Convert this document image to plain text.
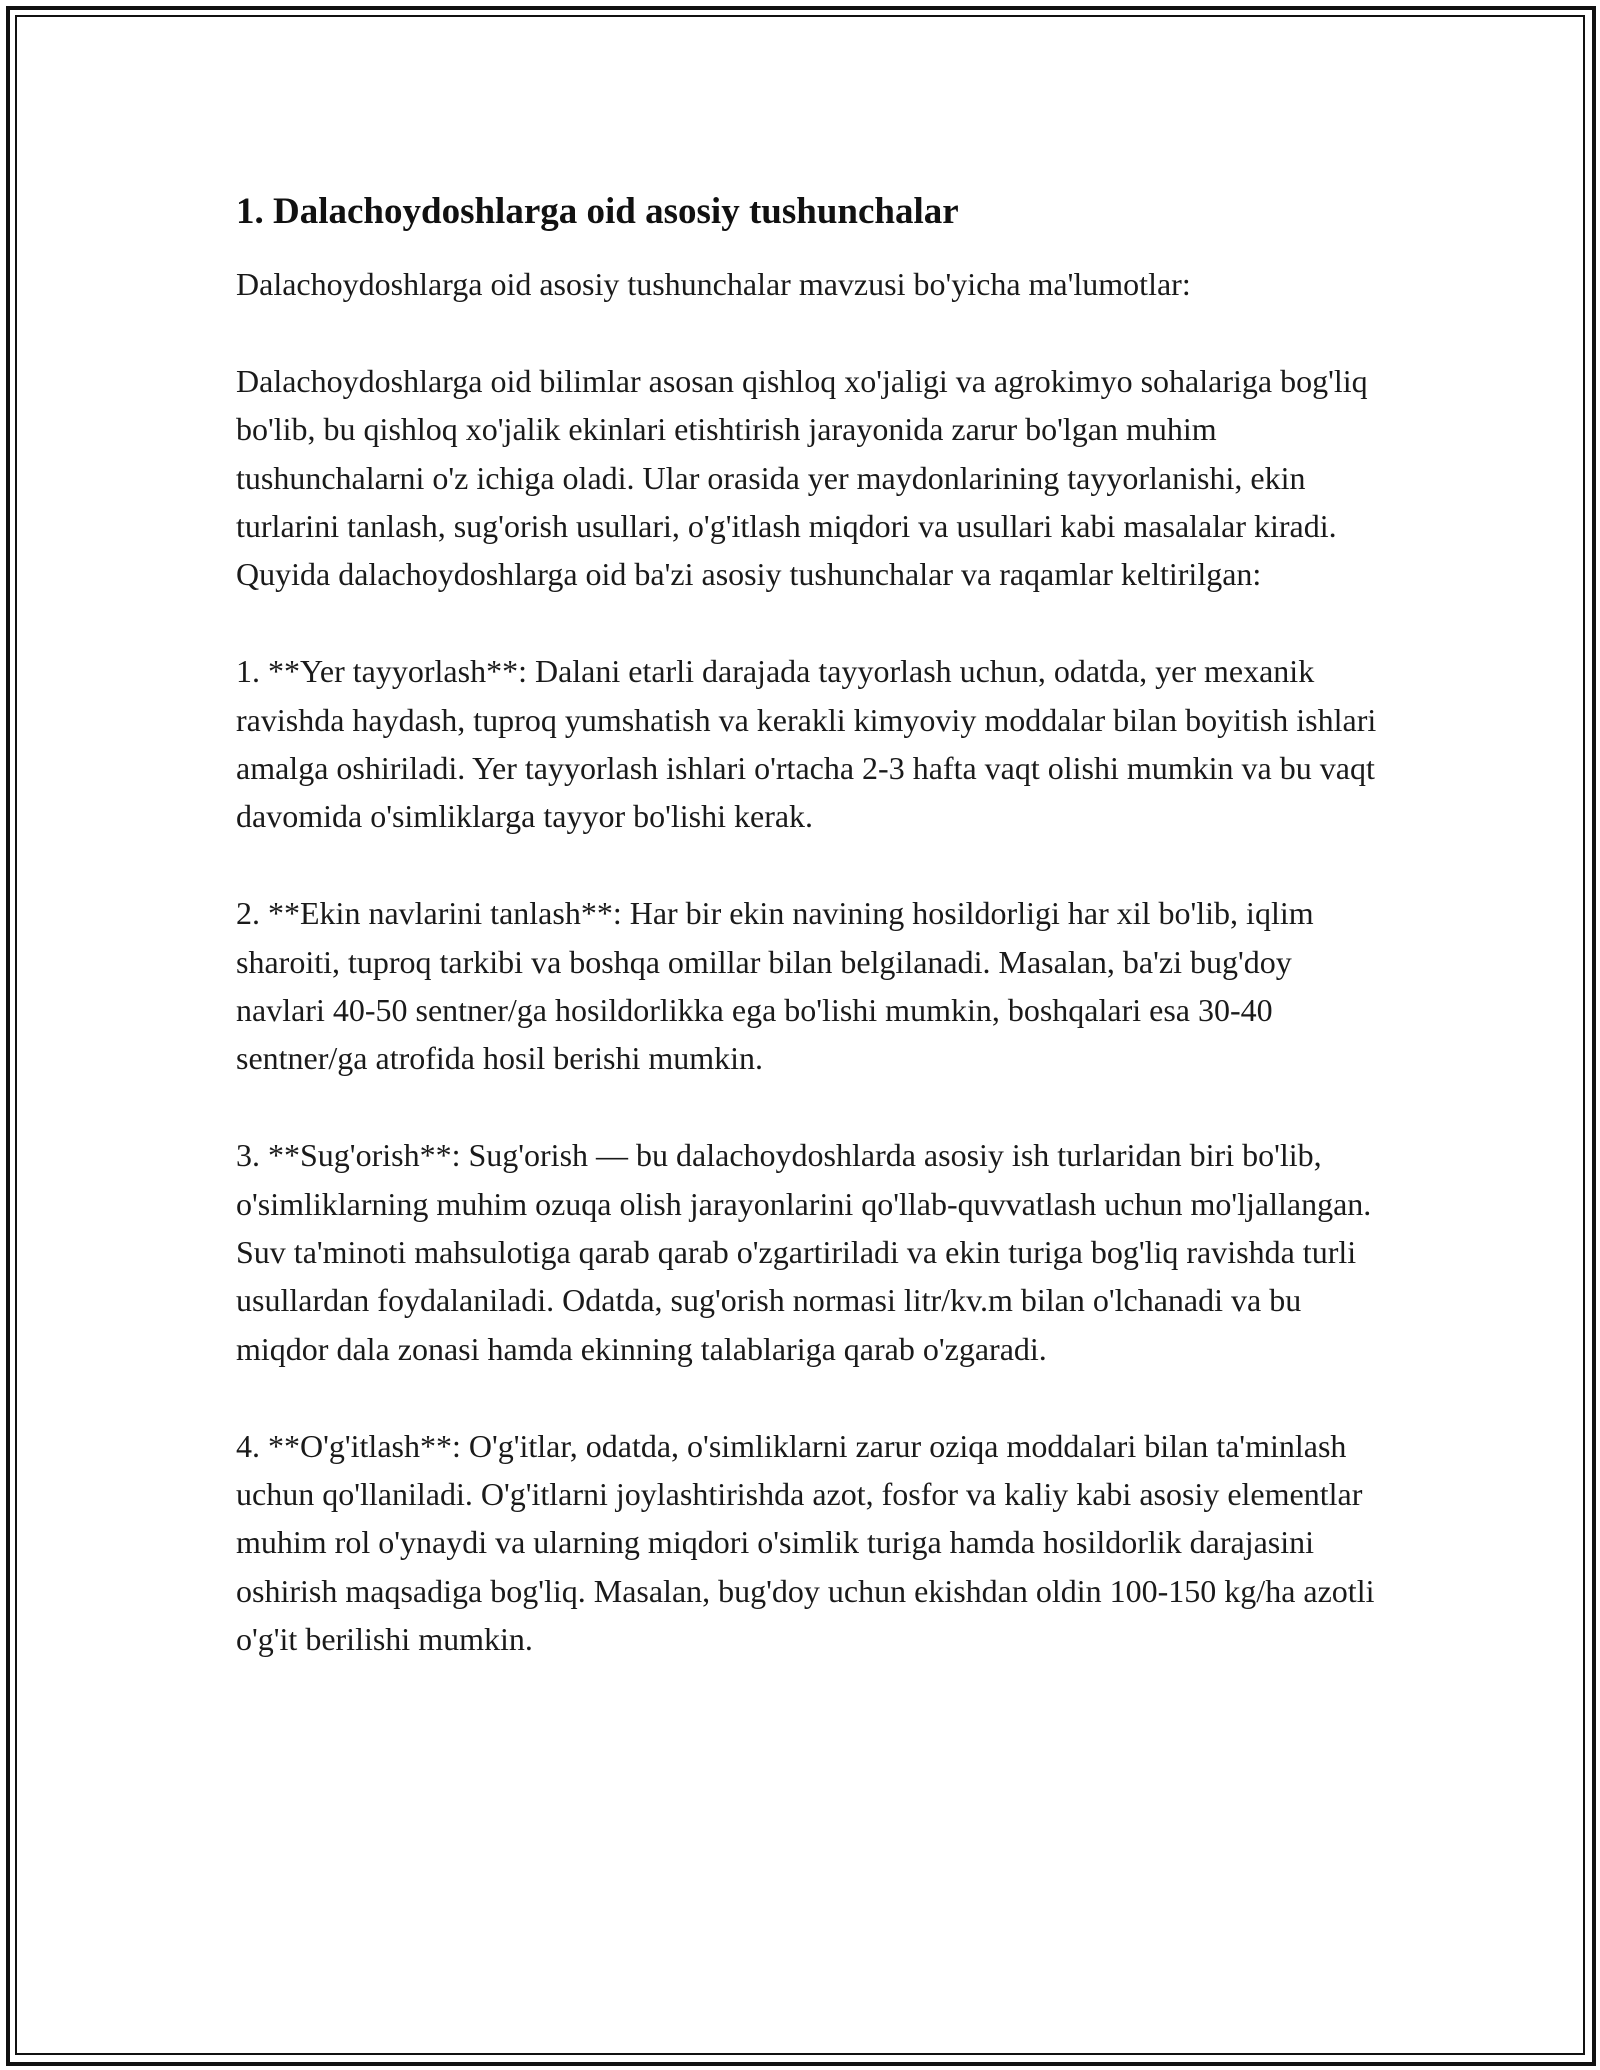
1. Dalachoydoshlarga oid asosiy tushunchalar

Dalachoydoshlarga oid asosiy tushunchalar mavzusi bo'yicha ma'lumotlar:

Dalachoydoshlarga oid bilimlar asosan qishloq xo'jaligi va agrokimyo sohalariga bog'liq bo'lib, bu qishloq xo'jalik ekinlari etishtirish jarayonida zarur bo'lgan muhim tushunchalarni o'z ichiga oladi. Ular orasida yer maydonlarining tayyorlanishi, ekin turlarini tanlash, sug'orish usullari, o'g'itlash miqdori va usullari kabi masalalar kiradi. Quyida dalachoydoshlarga oid ba'zi asosiy tushunchalar va raqamlar keltirilgan:

1. **Yer tayyorlash**: Dalani etarli darajada tayyorlash uchun, odatda, yer mexanik ravishda haydash, tuproq yumshatish va kerakli kimyoviy moddalar bilan boyitish ishlari amalga oshiriladi. Yer tayyorlash ishlari o'rtacha 2-3 hafta vaqt olishi mumkin va bu vaqt davomida o'simliklarga tayyor bo'lishi kerak.

2. **Ekin navlarini tanlash**: Har bir ekin navining hosildorligi har xil bo'lib, iqlim sharoiti, tuproq tarkibi va boshqa omillar bilan belgilanadi. Masalan, ba'zi bug'doy navlari 40-50 sentner/ga hosildorlikka ega bo'lishi mumkin, boshqalari esa 30-40 sentner/ga atrofida hosil berishi mumkin.

3. **Sug'orish**: Sug'orish — bu dalachoydoshlarda asosiy ish turlaridan biri bo'lib, o'simliklarning muhim ozuqa olish jarayonlarini qo'llab-quvvatlash uchun mo'ljallangan. Suv ta'minoti mahsulotiga qarab qarab o'zgartiriladi va ekin turiga bog'liq ravishda turli usullardan foydalaniladi. Odatda, sug'orish normasi litr/kv.m bilan o'lchanadi va bu miqdor dala zonasi hamda ekinning talablariga qarab o'zgaradi.

4. **O'g'itlash**: O'g'itlar, odatda, o'simliklarni zarur oziqa moddalari bilan ta'minlash uchun qo'llaniladi. O'g'itlarni joylashtirishda azot, fosfor va kaliy kabi asosiy elementlar muhim rol o'ynaydi va ularning miqdori o'simlik turiga hamda hosildorlik darajasini oshirish maqsadiga bog'liq. Masalan, bug'doy uchun ekishdan oldin 100-150 kg/ha azotli o'g'it berilishi mumkin.
